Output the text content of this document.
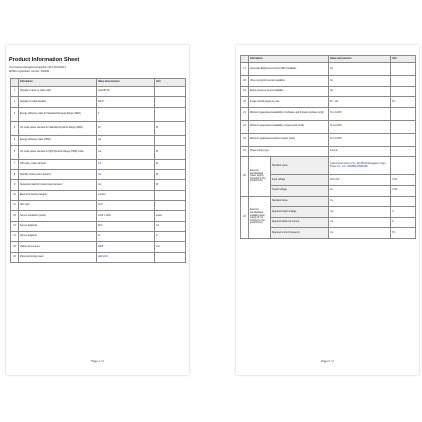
Product Information Sheet
Commission Delegated Regulation (EU) 2019/2013
EPREL registration number: 366186
	Information	Value and precision	Unit
1	Supplier's name or trade mark	GIGABYTE	
2	Supplier's model identifier	M27F	
3	Energy efficiency class for Standard Dynamic Range (SDR)	F	
4	On mode power demand for Standard Dynamic Range (SDR)	23	W
5	Energy efficiency class (HDR)	n/a	
6	On mode power demand in High Dynamic Range (HDR) mode	n/a	W
7	Off mode, power demand	0.3	W
8	Standby mode power demand	n/a	W
9	Networked standby mode power demand	n/a	W
10	Electronic display category	monitor	
11	Size ratio	16:9	
12	Screen resolution (pixels)	1920 x 1080	pixels
13	Screen diagonal	68.6	cm
14	Screen diagonal	27	in
15	Visible screen area	2008	cm²
16	Panel technology used	LED LCD	
Page 1 / 2
	Information		Value and precision	Unit
17	Automatic Brightness Control (ABC) available		No	
18	Voice recognition sensor available		No	
19	Room presence sensor available		No	
20	Image refresh frequency rate		60 · 144	Hz
21	Minimum guaranteed availability of software and firmware updates (until)		31.12.2025	
22	Minimum guaranteed availability of spare parts (until)		31.12.2025	
23	Minimum guaranteed product support (until)		31.12.2025	
24	Power supply type		Internal	
25	External standardised power supply (included in the product box)	Standard name	Asian Power Devices Inc. DA-65C19 Dongguan Yingju Power Co., Ltd. YJS065D-1950433D	
		Input voltage	100~240	V AC
		Output voltage	19	V DC
26	External standardised suitable power supply (if not included in the product box)	Standard name	n/a	
		Required output voltage	n/a	V
		Required delivered current	n/a	A
		Required current frequency	n/a	Hz
Page 2 / 2
